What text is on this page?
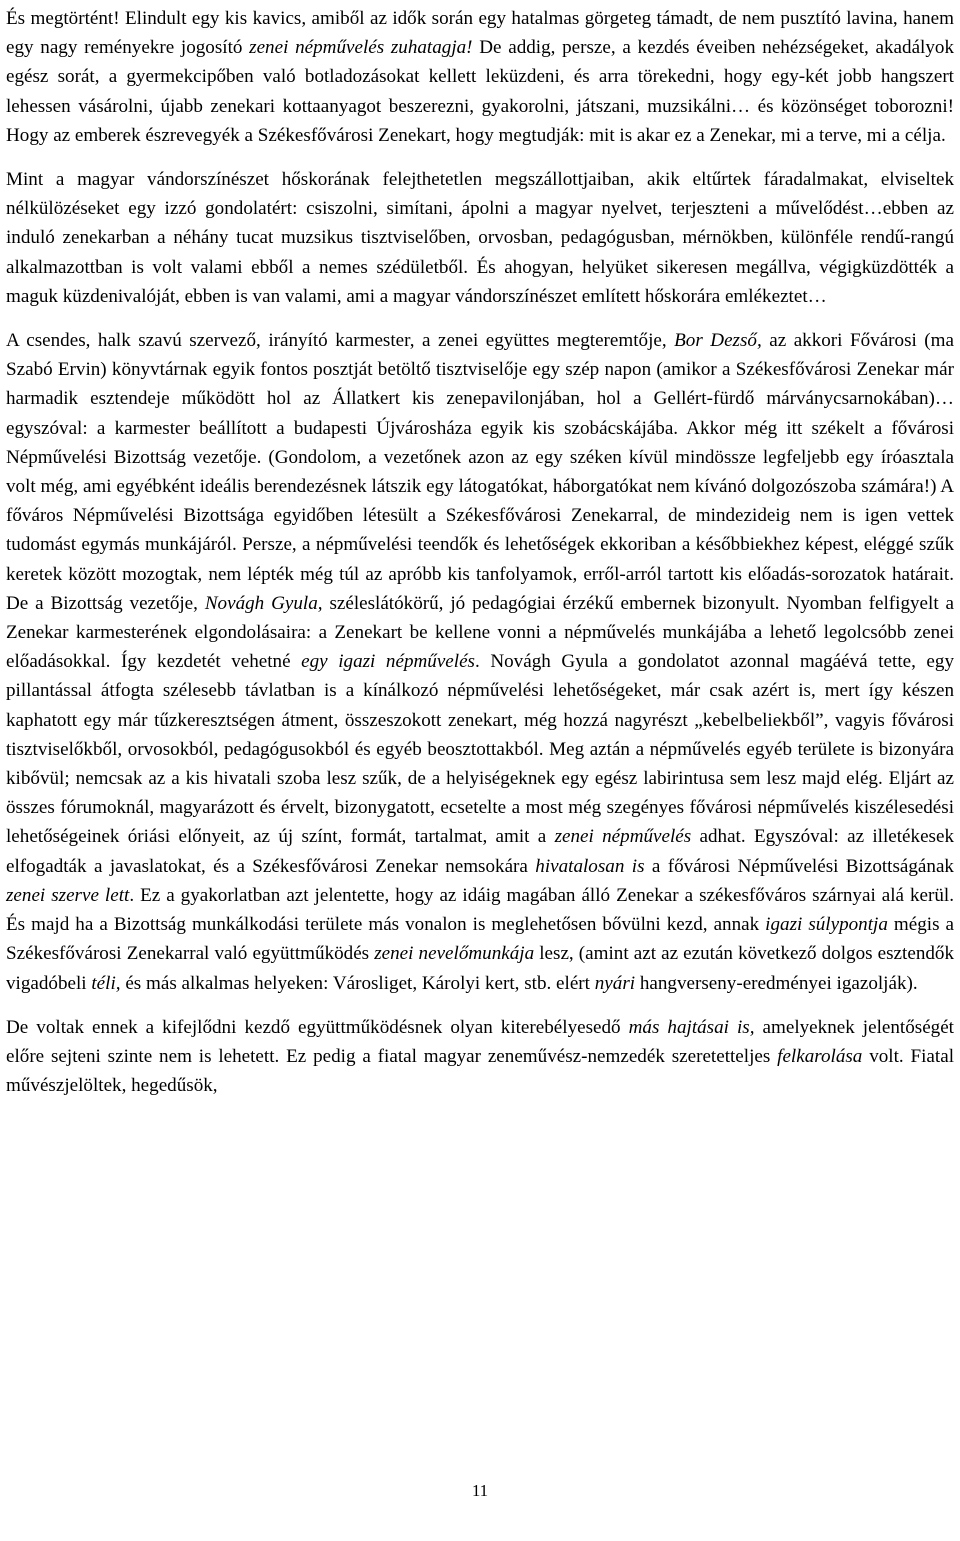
És megtörtént! Elindult egy kis kavics, amiből az idők során egy hatalmas görgeteg támadt, de nem pusztító lavina, hanem egy nagy reményekre jogosító zenei népművelés zuhatagja! De addig, persze, a kezdés éveiben nehézségeket, akadályok egész sorát, a gyermekcipőben való botladozásokat kellett leküzdeni, és arra törekedni, hogy egy-két jobb hangszert lehessen vásárolni, újabb zenekari kottaanyagot beszerezni, gyakorolni, játszani, muzsikálni… és közönséget toborozni! Hogy az emberek észrevegyék a Székesfővárosi Zenekart, hogy megtudják: mit is akar ez a Zenekar, mi a terve, mi a célja.

Mint a magyar vándorszínészet hőskorának felejthetetlen megszállottjaiban, akik eltűrtek fáradalmakat, elviseltek nélkülözéseket egy izzó gondolatért: csiszolni, simítani, ápolni a magyar nyelvet, terjeszteni a művelődést…ebben az induló zenekarban a néhány tucat muzsikus tisztviselőben, orvosban, pedagógusban, mérnökben, különféle rendű-rangú alkalmazottban is volt valami ebből a nemes szédületből. És ahogyan, helyüket sikeresen megállva, végigküzdötték a maguk küzdenivalóját, ebben is van valami, ami a magyar vándorszínészet említett hőskorára emlékeztet…

A csendes, halk szavú szervező, irányító karmester, a zenei együttes megteremtője, Bor Dezső, az akkori Fővárosi (ma Szabó Ervin) könyvtárnak egyik fontos posztját betöltő tisztviselője egy szép napon (amikor a Székesfővárosi Zenekar már harmadik esztendeje működött hol az Állatkert kis zenepavilonjában, hol a Gellért-fürdő márványcsarnokában)… egyszóval: a karmester beállított a budapesti Újvárosháza egyik kis szobácskájába. Akkor még itt székelt a fővárosi Népművelési Bizottság vezetője. (Gondolom, a vezetőnek azon az egy széken kívül mindössze legfeljebb egy íróasztala volt még, ami egyébként ideális berendezésnek látszik egy látogatókat, háborgatókat nem kívánó dolgozószoba számára!) A főváros Népművelési Bizottsága egyidőben létesült a Székesfővárosi Zenekarral, de mindezideig nem is igen vettek tudomást egymás munkájáról. Persze, a népművelési teendők és lehetőségek ekkoriban a későbbiekhez képest, eléggé szűk keretek között mozogtak, nem lépték még túl az apróbb kis tanfolyamok, erről-arról tartott kis előadás-sorozatok határait. De a Bizottság vezetője, Novágh Gyula, széleslátókörű, jó pedagógiai érzékű embernek bizonyult. Nyomban felfigyelt a Zenekar karmesterének elgondolásaira: a Zenekart be kellene vonni a népművelés munkájába a lehető legolcsóbb zenei előadásokkal. Így kezdetét vehetné egy igazi népművelés. Novágh Gyula a gondolatot azonnal magáévá tette, egy pillantással átfogta szélesebb távlatban is a kínálkozó népművelési lehetőségeket, már csak azért is, mert így készen kaphatott egy már tűzkeresztségen átment, összeszokott zenekart, még hozzá nagyrészt „kebelbeliekből”, vagyis fővárosi tisztviselőkből, orvosokból, pedagógusokból és egyéb beosztottakból. Meg aztán a népművelés egyéb területe is bizonyára kibővül; nemcsak az a kis hivatali szoba lesz szűk, de a helyiségeknek egy egész labirintusa sem lesz majd elég. Eljárt az összes fórumoknál, magyarázott és érvelt, bizonygatott, ecsetelte a most még szegényes fővárosi népművelés kiszélesedési lehetőségeinek óriási előnyeit, az új színt, formát, tartalmat, amit a zenei népművelés adhat. Egyszóval: az illetékesek elfogadták a javaslatokat, és a Székesfővárosi Zenekar nemsokára hivatalosan is a fővárosi Népművelési Bizottságának zenei szerve lett. Ez a gyakorlatban azt jelentette, hogy az idáig magában álló Zenekar a székesfőváros szárnyai alá kerül. És majd ha a Bizottság munkálkodási területe más vonalon is meglehetősen bővülni kezd, annak igazi súlypontja mégis a Székesfővárosi Zenekarral való együttműködés zenei nevelőmunkája lesz, (amint azt az ezután következő dolgos esztendők vigadóbeli téli, és más alkalmas helyeken: Városliget, Károlyi kert, stb. elért nyári hangverseny-eredményei igazolják).

De voltak ennek a kifejlődni kezdő együttműködésnek olyan kiterebélyesedő más hajtásai is, amelyeknek jelentőségét előre sejteni szinte nem is lehetett. Ez pedig a fiatal magyar zeneművész-nemzedék szeretetteljes felkarolása volt. Fiatal művészjelöltek, hegedűsök,

11
